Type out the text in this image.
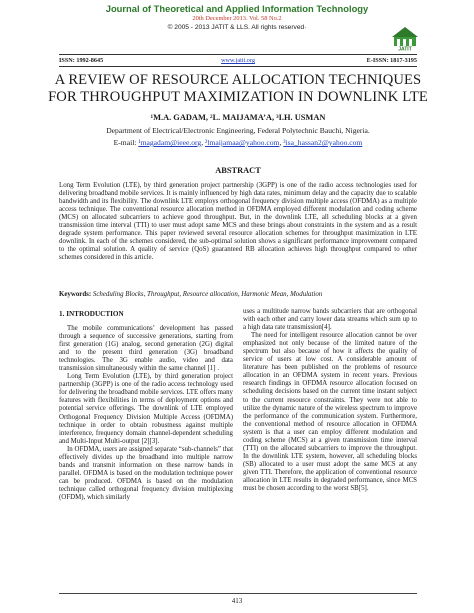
Journal of Theoretical and Applied Information Technology
20th December 2013. Vol. 58 No.2
© 2005 - 2013 JATIT & LLS. All rights reserved·
JATIT
ISSN: 1992-8645	www.jatit.org	E-ISSN: 1817-3195
A REVIEW OF RESOURCE ALLOCATION TECHNIQUES
FOR THROUGHPUT MAXIMIZATION IN DOWNLINK LTE
¹M.A. GADAM, ²L. MAIJAMA’A, ³I.H. USMAN
Department of Electrical/Electronic Engineering, Federal Polytechnic Bauchi, Nigeria.
E-mail: ¹magadam@ieee.org, ²lmaijamaa@yahoo.com, ³isa_hassan2@yahoo.com
ABSTRACT

Long Term Evolution (LTE), by third generation project partnership (3GPP) is one of the radio access technologies used for delivering broadband mobile services. It is mainly influenced by high data rates, minimum delay and the capacity due to scalable bandwidth and its flexibility. The downlink LTE employs orthogonal frequency division multiple access (OFDMA) as a multiple access technique. The conventional resource allocation method in OFDMA employed different modulation and coding scheme (MCS) on allocated subcarriers to achieve good throughput. But, in the downlink LTE, all scheduling blocks at a given transmission time interval (TTI) to user must adopt same MCS and these brings about constraints in the system and as a result degrade system performance. This paper reviewed several resource allocation schemes for throughput maximization in LTE downlink. In each of the schemes considered, the sub-optimal solution shows a significant performance improvement compared to the optimal solution. A quality of service (QoS) guaranteed RB allocation achieves high throughput compared to other schemes considered in this article.

Keywords: Scheduling Blocks, Throughput, Resource allocation, Harmonic Mean, Modulation
1. INTRODUCTION

The mobile communications’ development has passed through a sequence of successive generations, starting from first generation (1G) analog, second generation (2G) digital and to the present third generation (3G) broadband technologies. The 3G enable audio, video and data transmission simultaneously within the same channel [1] .

Long Term Evolution (LTE), by third generation project partnership (3GPP) is one of the radio access technology used for delivering the broadband mobile services. LTE offers many features with flexibilities in terms of deployment options and potential service offerings. The downlink of LTE employed Orthogonal Frequency Division Multiple Access (OFDMA) technique in order to obtain robustness against multiple interference, frequency domain channel-dependent scheduling and Multi-Input Multi-output [2][3].

In OFDMA, users are assigned separate “sub-channels” that effectively divides up the broadband into multiple narrow bands and transmit information on these narrow bands in parallel. OFDMA is based on the modulation technique power can be produced. OFDMA is based on the modulation technique called orthogonal frequency division multiplexing (OFDM), which similarly

uses a multitude narrow bands subcarriers that are orthogonal with each other and carry lower data streams which sum up to a high data rate transmission[4].

The need for intelligent resource allocation cannot be over emphasized not only because of the limited nature of the spectrum but also because of how it affects the quality of service of users at low cost. A considerable amount of literature has been published on the problems of resource allocation in an OFDMA system in recent years. Previous research findings in OFDMA resource allocation focused on scheduling decisions based on the current time instant subject to the current resource constraints. They were not able to utilize the dynamic nature of the wireless spectrum to improve the performance of the communication system. Furthermore, the conventional method of resource allocation in OFDMA system is that a user can employ different modulation and coding scheme (MCS) at a given transmission time interval (TTI) on the allocated subcarriers to improve the throughput. In the downlink LTE system, however, all scheduling blocks (SB) allocated to a user must adopt the same MCS at any given TTI. Therefore, the application of conventional resource allocation in LTE results in degraded performance, since MCS must be chosen according to the worst SB[5].

413
